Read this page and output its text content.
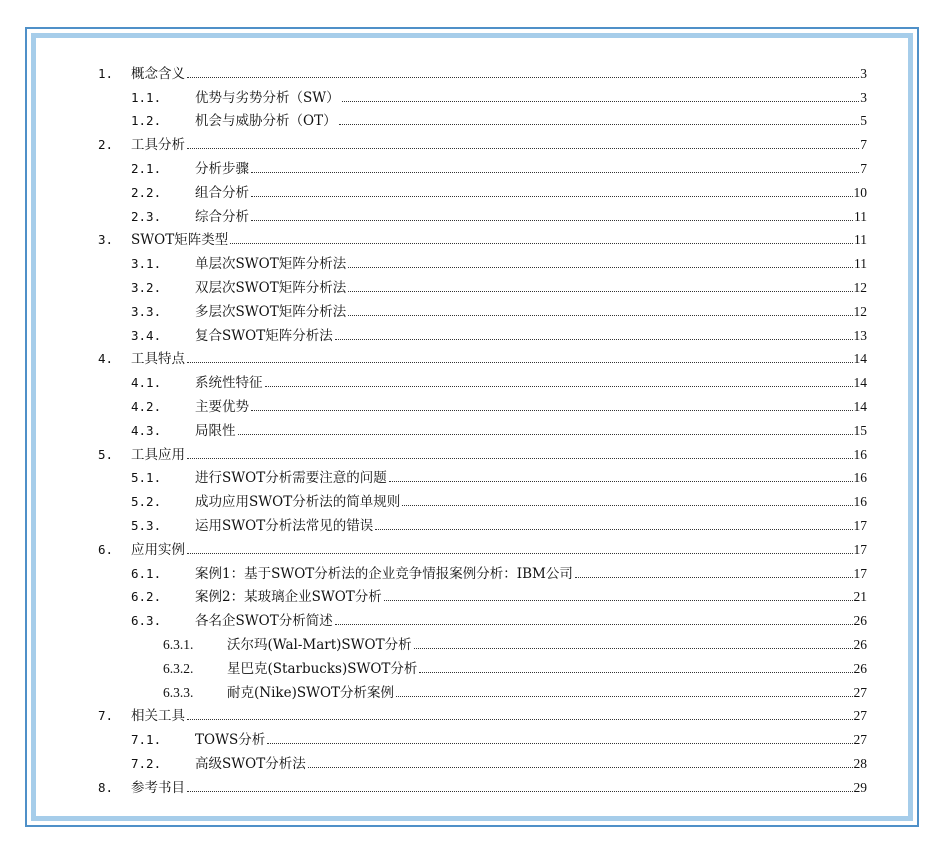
1. 概念含义	3
1.1.	优势与劣势分析（SW）	3
1.2.	机会与威胁分析（OT）	5
2. 工具分析	7
2.1.	分析步骤	7
2.2.	组合分析	10
2.3.	综合分析	11
3. SWOT矩阵类型	11
3.1.	单层次SWOT矩阵分析法	11
3.2.	双层次SWOT矩阵分析法	12
3.3.	多层次SWOT矩阵分析法	12
3.4.	复合SWOT矩阵分析法	13
4. 工具特点	14
4.1.	系统性特征	14
4.2.	主要优势	14
4.3.	局限性	15
5. 工具应用	16
5.1.	进行SWOT分析需要注意的问题	16
5.2.	成功应用SWOT分析法的简单规则	16
5.3.	运用SWOT分析法常见的错误	17
6. 应用实例	17
6.1.	案例1：基于SWOT分析法的企业竞争情报案例分析：IBM公司	17
6.2.	案例2：某玻璃企业SWOT分析	21
6.3.	各名企SWOT分析简述	26
6.3.1. 沃尔玛(Wal-Mart)SWOT分析	26
6.3.2. 星巴克(Starbucks)SWOT分析	26
6.3.3. 耐克(Nike)SWOT分析案例	27
7. 相关工具	27
7.1.	TOWS分析	27
7.2.	高级SWOT分析法	28
8. 参考书目	29
